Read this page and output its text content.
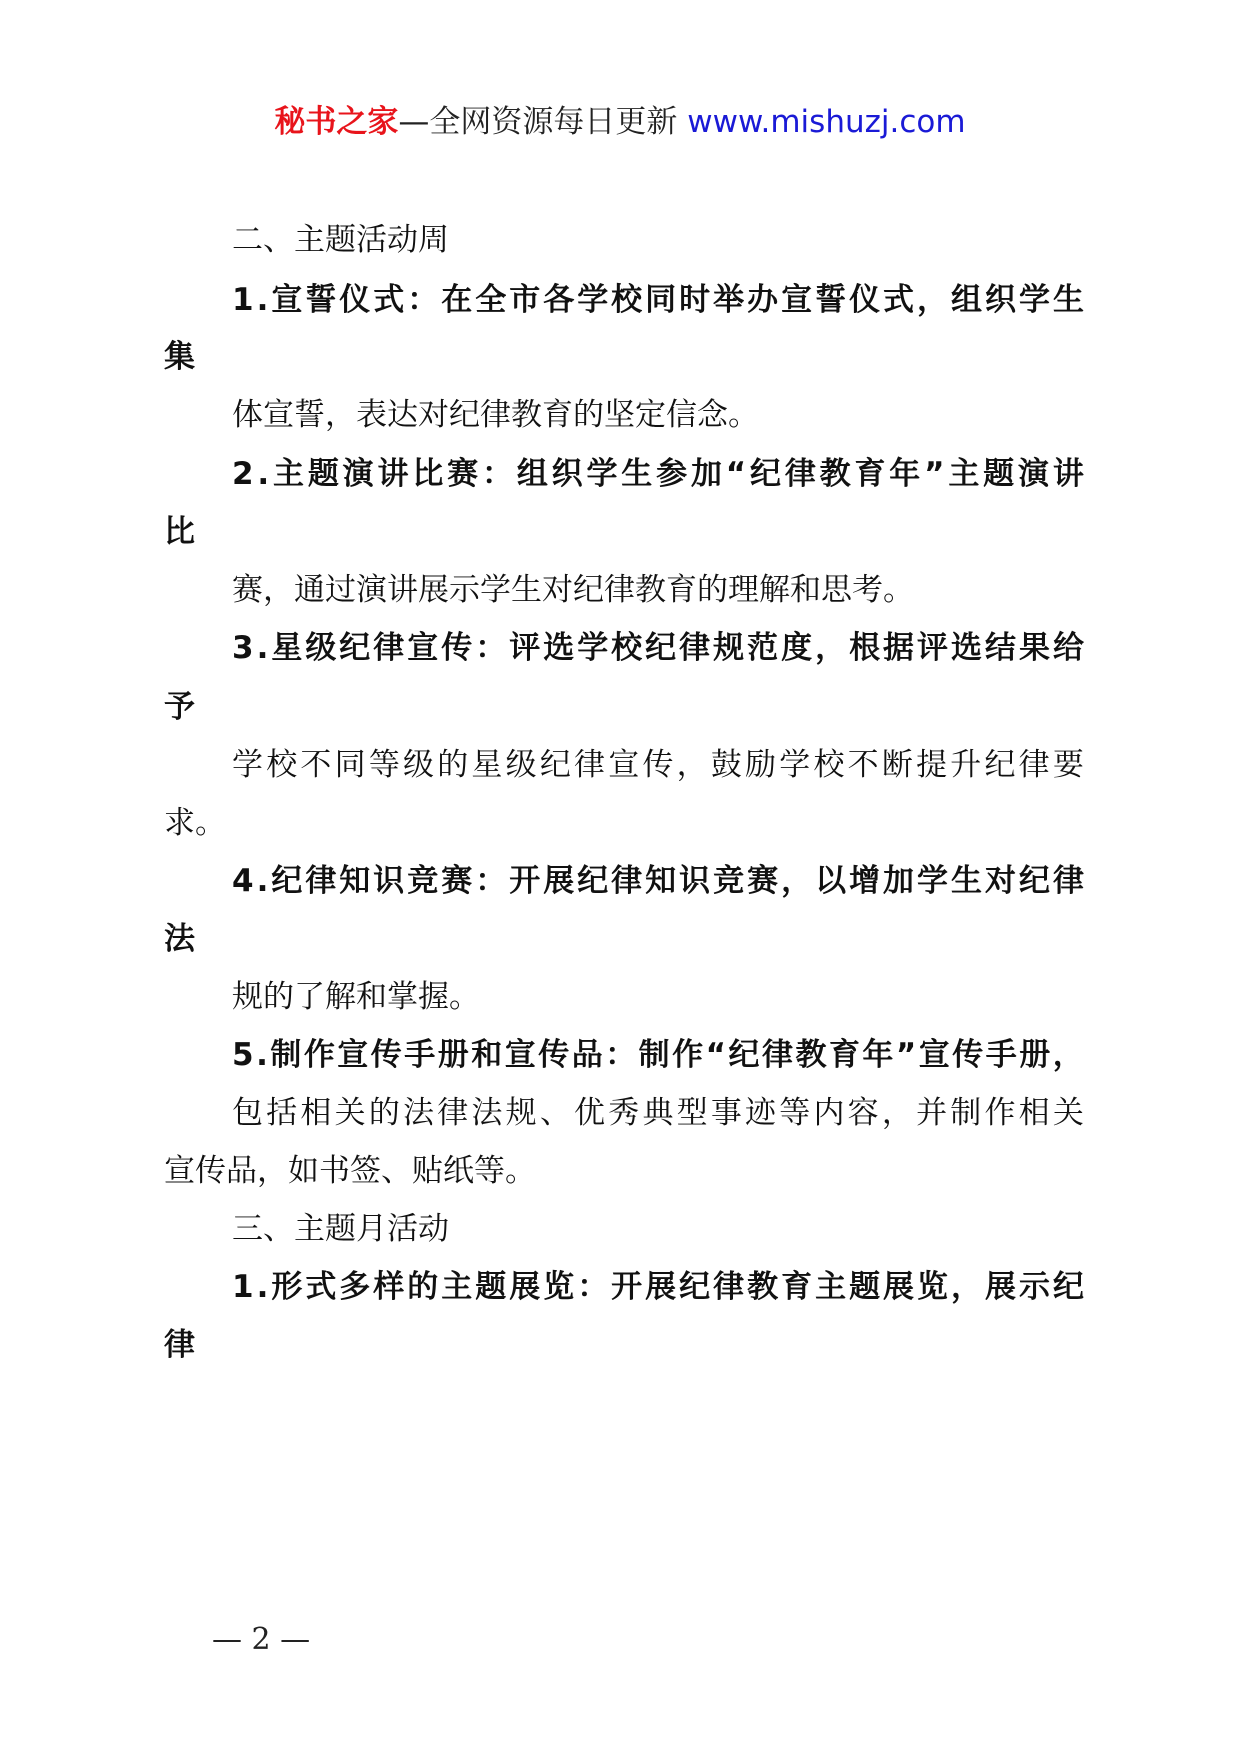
秘书之家—全网资源每日更新 www.mishuzj.com
二、主题活动周
1 . 宣 誓 仪 式 ： 在 全 市 各 学 校 同 时 举 办 宣 誓 仪 式 ， 组 织 学 生
集
体宣誓，表达对纪律教育的坚定信念。
2 . 主 题 演 讲 比 赛 ： 组 织 学 生 参 加 “ 纪 律 教 育 年 ” 主 题 演 讲
比
赛，通过演讲展示学生对纪律教育的理解和思考。
3 . 星 级 纪 律 宣 传 ： 评 选 学 校 纪 律 规 范 度 ， 根 据 评 选 结 果 给
予
学 校 不 同 等 级 的 星 级 纪 律 宣 传 ， 鼓 励 学 校 不 断 提 升 纪 律 要
求。
4 . 纪 律 知 识 竞 赛 ： 开 展 纪 律 知 识 竞 赛 ， 以 增 加 学 生 对 纪 律
法
规的了解和掌握。
5 . 制 作 宣 传 手 册 和 宣 传 品 ： 制 作 “ 纪 律 教 育 年 ” 宣 传 手 册 ，
包 括 相 关 的 法 律 法 规 、 优 秀 典 型 事 迹 等 内 容 ， 并 制 作 相 关
宣传品，如书签、贴纸等。
三、主题月活动
1 . 形 式 多 样 的 主 题 展 览 ： 开 展 纪 律 教 育 主 题 展 览 ， 展 示 纪
律
— 2 —
